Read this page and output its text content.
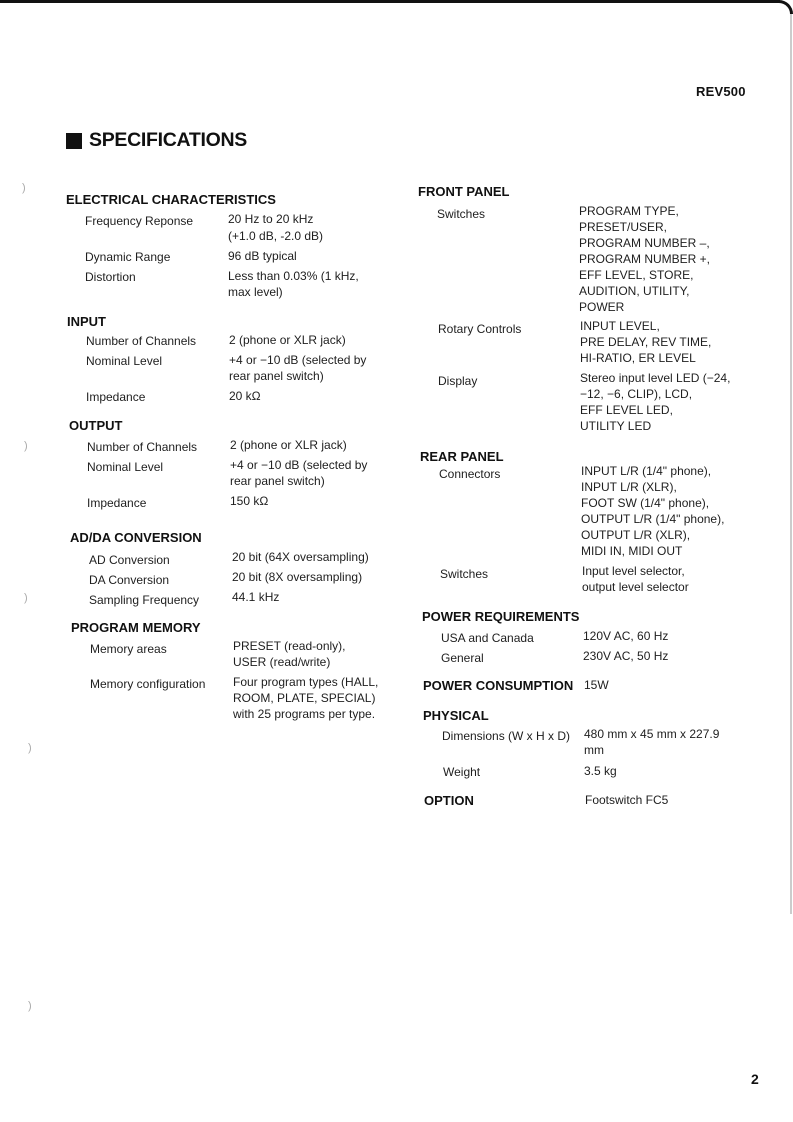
)
)
)
)
)
REV500
SPECIFICATIONS
ELECTRICAL CHARACTERISTICS
Frequency Reponse	20 Hz to 20 kHz
(+1.0 dB, -2.0 dB)
Dynamic Range	96 dB typical
Distortion	Less than 0.03% (1 kHz,
max level)
INPUT
Number of Channels	2 (phone or XLR jack)
Nominal Level	+4 or −10 dB (selected by
rear panel switch)
Impedance	20 kΩ
OUTPUT
Number of Channels	2 (phone or XLR jack)
Nominal Level	+4 or −10 dB (selected by
rear panel switch)
Impedance	150 kΩ
AD/DA CONVERSION
AD Conversion	20 bit (64X oversampling)
DA Conversion	20 bit (8X oversampling)
Sampling Frequency	44.1 kHz
PROGRAM MEMORY
Memory areas	PRESET (read-only),
USER (read/write)
Memory configuration Four program types (HALL,
ROOM, PLATE, SPECIAL)
with 25 programs per type.
FRONT PANEL
Switches	PROGRAM TYPE,
PRESET/USER,
PROGRAM NUMBER –,
PROGRAM NUMBER +,
EFF LEVEL, STORE,
AUDITION, UTILITY,
POWER
Rotary Controls	INPUT LEVEL,
PRE DELAY, REV TIME,
HI-RATIO, ER LEVEL
Display	Stereo input level LED (−24,
−12, −6, CLIP), LCD,
EFF LEVEL LED,
UTILITY LED
REAR PANEL
Connectors	INPUT L/R (1/4" phone),
INPUT L/R (XLR),
FOOT SW (1/4" phone),
OUTPUT L/R (1/4" phone),
OUTPUT L/R (XLR),
MIDI IN, MIDI OUT
Switches	Input level selector,
output level selector
POWER REQUIREMENTS
USA and Canada	120V AC, 60 Hz
General	230V AC, 50 Hz
POWER CONSUMPTION 15W
PHYSICAL
Dimensions (W x H x D) 480 mm x 45 mm x 227.9
mm
Weight	3.5 kg
OPTION	Footswitch FC5
2
